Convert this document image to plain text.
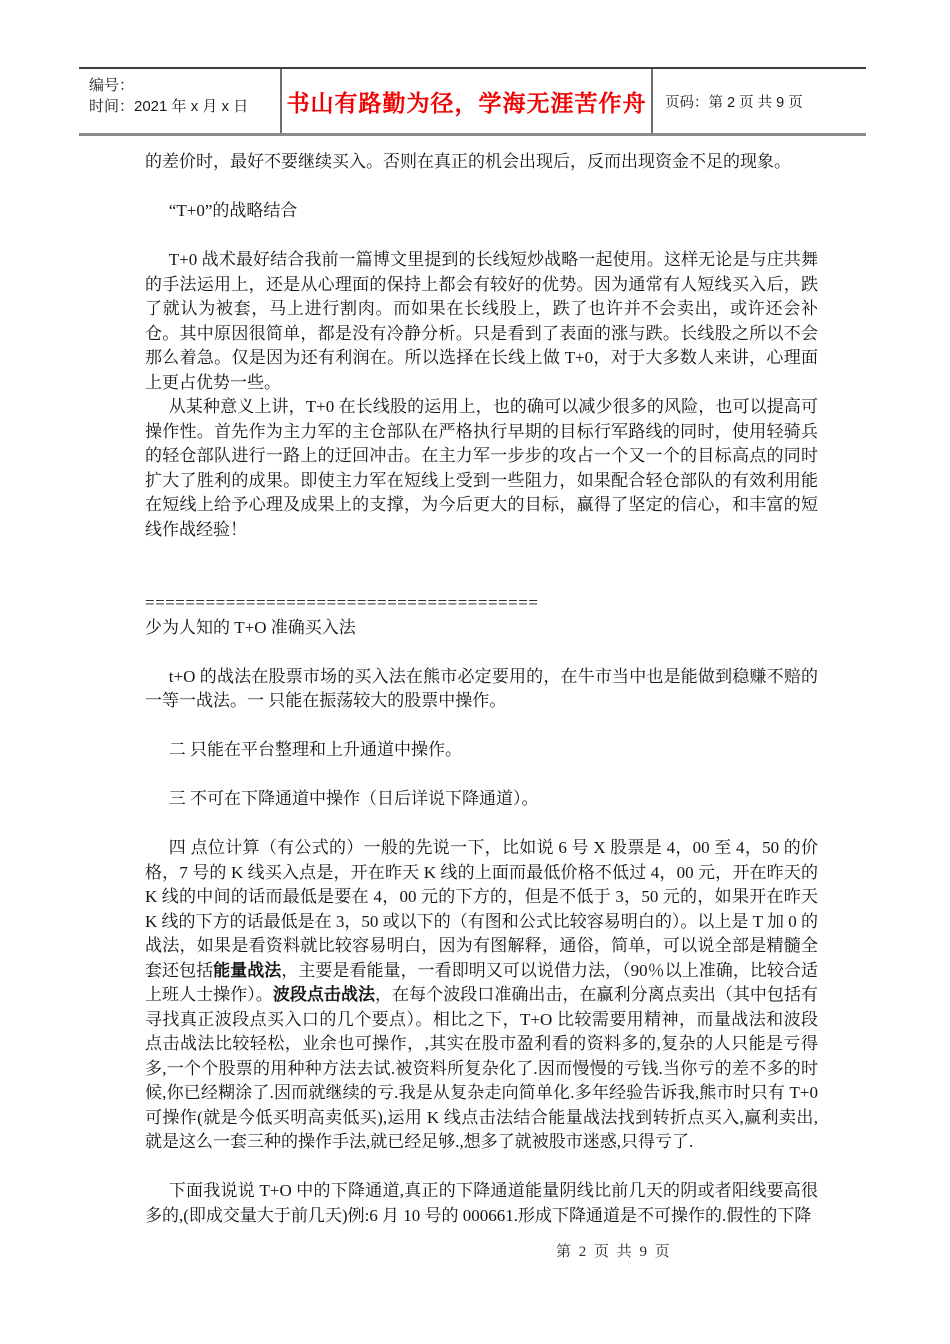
编号：
时间：2021 年 x 月 x 日	书山有路勤为径，学海无涯苦作舟 页码：第 2 页 共 9 页

的差价时，最好不要继续买入。否则在真正的机会出现后，反而出现资金不足的现象。

“T+0”的战略结合

T+0 战术最好结合我前一篇博文里提到的长线短炒战略一起使用。这样无论是与庄共舞的手法运用上，还是从心理面的保持上都会有较好的优势。因为通常有人短线买入后，跌了就认为被套，马上进行割肉。而如果在长线股上，跌了也许并不会卖出，或许还会补仓。其中原因很简单，都是没有冷静分析。只是看到了表面的涨与跌。长线股之所以不会那么着急。仅是因为还有利润在。所以选择在长线上做 T+0，对于大多数人来讲，心理面上更占优势一些。

从某种意义上讲，T+0 在长线股的运用上，也的确可以减少很多的风险，也可以提高可操作性。首先作为主力军的主仓部队在严格执行早期的目标行军路线的同时，使用轻骑兵的轻仓部队进行一路上的迂回冲击。在主力军一步步的攻占一个又一个的目标高点的同时扩大了胜利的成果。即使主力军在短线上受到一些阻力，如果配合轻仓部队的有效利用能在短线上给予心理及成果上的支撑，为今后更大的目标，赢得了坚定的信心，和丰富的短线作战经验！

=======================================

少为人知的 T+O 准确买入法

t+O 的战法在股票市场的买入法在熊市必定要用的，在牛市当中也是能做到稳赚不赔的一等一战法。一 只能在振荡较大的股票中操作。

二 只能在平台整理和上升通道中操作。

三 不可在下降通道中操作（日后详说下降通道）。

四 点位计算（有公式的）一般的先说一下，比如说 6 号 X 股票是 4，00 至 4，50 的价格，7 号的 K 线买入点是，开在昨天 K 线的上面而最低价格不低过 4，00 元，开在昨天的 K 线的中间的话而最低是要在 4，00 元的下方的，但是不低于 3，50 元的，如果开在昨天 K 线的下方的话最低是在 3，50 或以下的（有图和公式比较容易明白的）。以上是 T 加 0 的战法，如果是看资料就比较容易明白，因为有图解释，通俗，简单，可以说全部是精髓全套还包括能量战法，主要是看能量，一看即明又可以说借力法，（90％以上准确，比较合适上班人士操作）。波段点击战法，在每个波段口准确出击，在赢利分离点卖出（其中包括有寻找真正波段点买入口的几个要点）。相比之下，T+O 比较需要用精神，而量战法和波段点击战法比较轻松，业余也可操作，,其实在股市盈利看的资料多的,复杂的人只能是亏得多,一个个股票的用种种方法去试.被资料所复杂化了.因而慢慢的亏钱.当你亏的差不多的时候,你已经糊涂了.因而就继续的亏.我是从复杂走向简单化.多年经验告诉我,熊市时只有 T+0 可操作(就是今低买明高卖低买),运用 K 线点击法结合能量战法找到转折点买入,赢利卖出,就是这么一套三种的操作手法,就已经足够.,想多了就被股市迷惑,只得亏了.

下面我说说 T+O 中的下降通道,真正的下降通道能量阴线比前几天的阴或者阳线要高很多的,(即成交量大于前几天)例:6 月 10 号的 000661.形成下降通道是不可操作的.假性的下降

第 2 页 共 9 页
